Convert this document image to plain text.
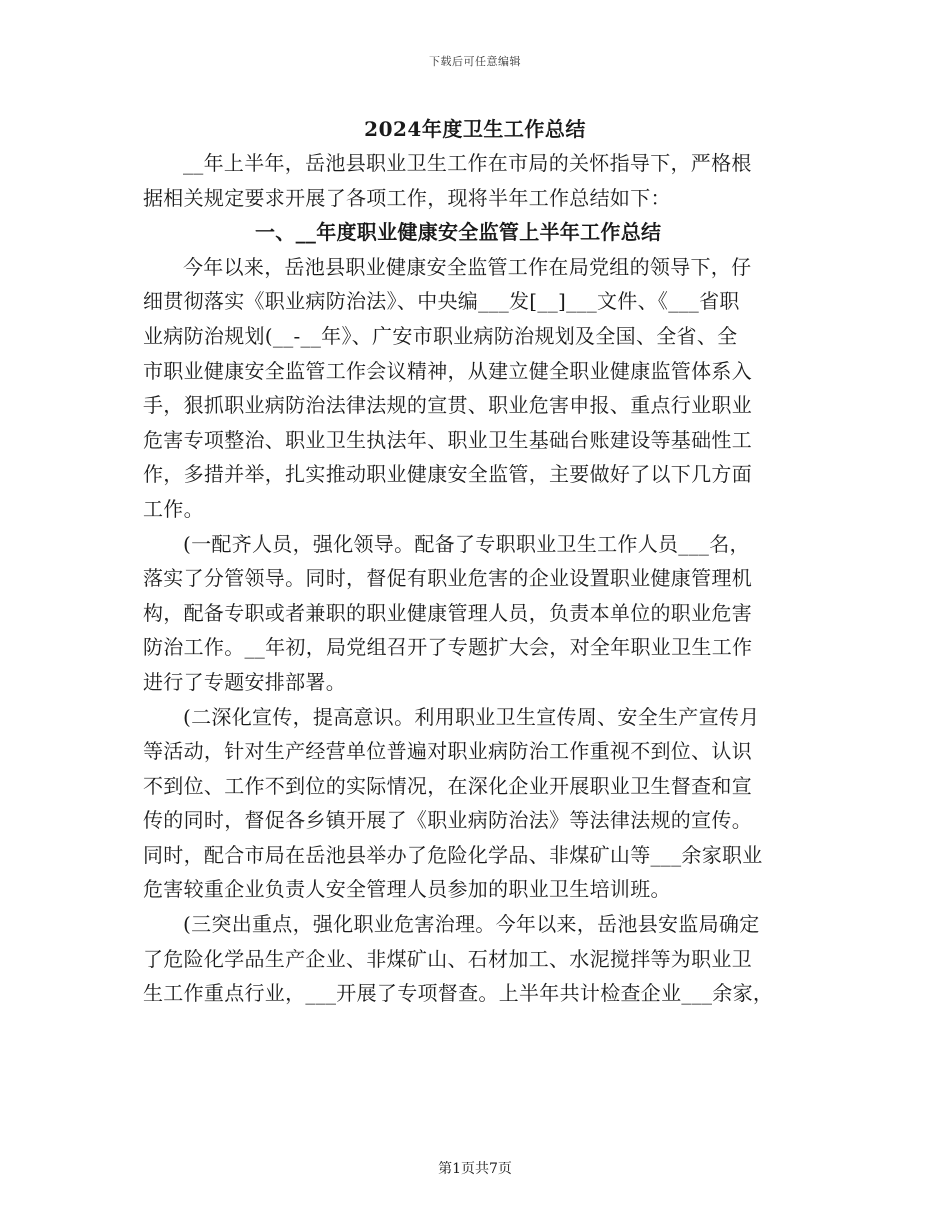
下载后可任意编辑
2024年度卫生工作总结
__年上半年，岳池县职业卫生工作在市局的关怀指导下，严格根
据相关规定要求开展了各项工作，现将半年工作总结如下：
一、__年度职业健康安全监管上半年工作总结
今年以来，岳池县职业健康安全监管工作在局党组的领导下，仔
细贯彻落实《职业病防治法》、中央编___发[__]___文件、《___省职
业病防治规划(__-__年》、广安市职业病防治规划及全国、全省、全
市职业健康安全监管工作会议精神，从建立健全职业健康监管体系入
手，狠抓职业病防治法律法规的宣贯、职业危害申报、重点行业职业
危害专项整治、职业卫生执法年、职业卫生基础台账建设等基础性工
作，多措并举，扎实推动职业健康安全监管，主要做好了以下几方面
工作。
(一配齐人员，强化领导。配备了专职职业卫生工作人员___名，
落实了分管领导。同时，督促有职业危害的企业设置职业健康管理机
构，配备专职或者兼职的职业健康管理人员，负责本单位的职业危害
防治工作。__年初，局党组召开了专题扩大会，对全年职业卫生工作
进行了专题安排部署。
(二深化宣传，提高意识。利用职业卫生宣传周、安全生产宣传月
等活动，针对生产经营单位普遍对职业病防治工作重视不到位、认识
不到位、工作不到位的实际情况，在深化企业开展职业卫生督查和宣
传的同时，督促各乡镇开展了《职业病防治法》等法律法规的宣传。
同时，配合市局在岳池县举办了危险化学品、非煤矿山等___余家职业
危害较重企业负责人安全管理人员参加的职业卫生培训班。
(三突出重点，强化职业危害治理。今年以来，岳池县安监局确定
了危险化学品生产企业、非煤矿山、石材加工、水泥搅拌等为职业卫
生工作重点行业，___开展了专项督查。上半年共计检查企业___余家，
第1页共7页
